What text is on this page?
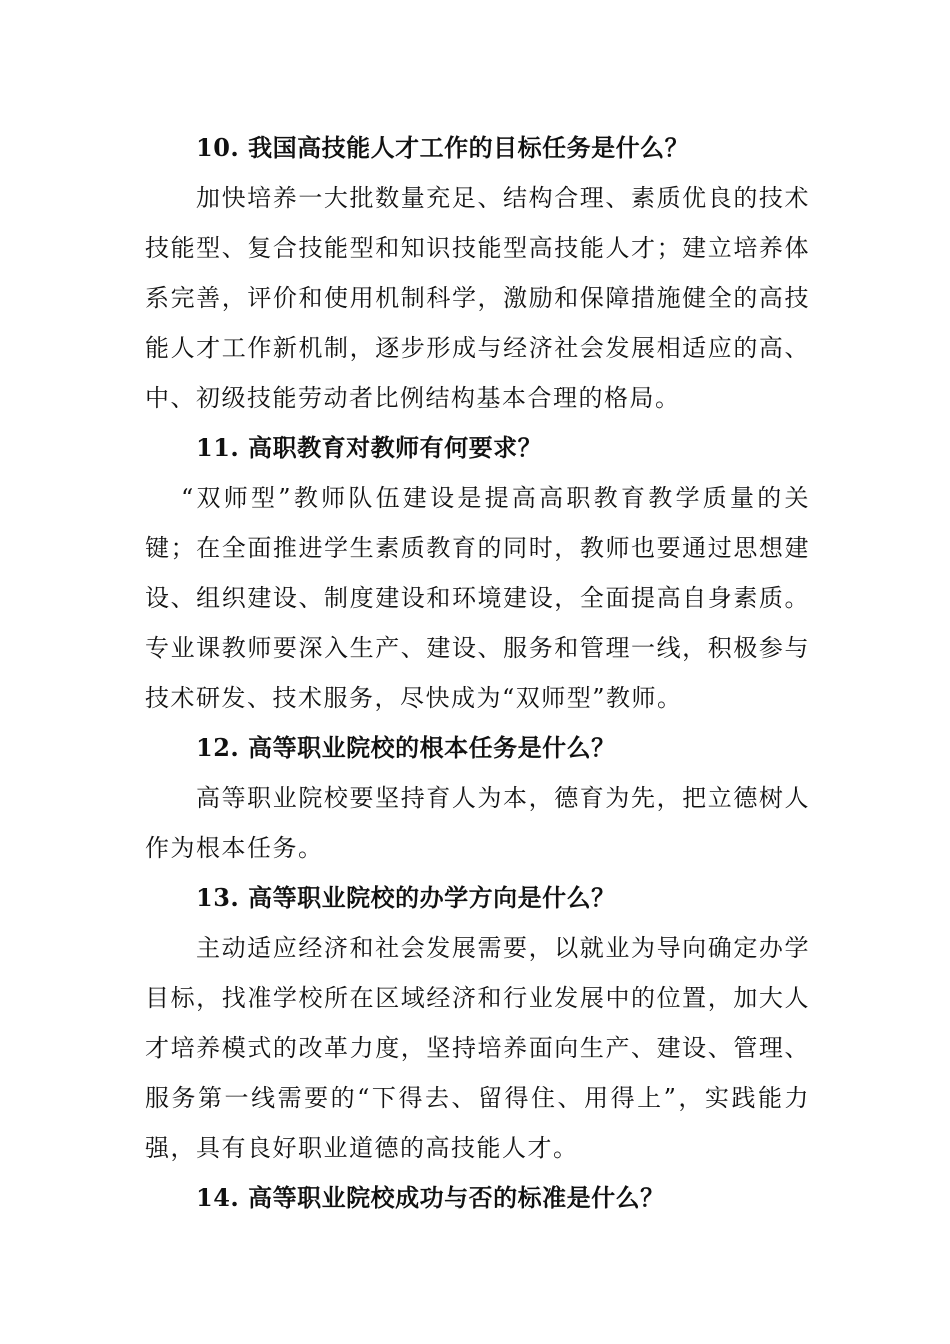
10. 我国高技能人才工作的目标任务是什么？

加快培养一大批数量充足、结构合理、素质优良的技术技能型、复合技能型和知识技能型高技能人才；建立培养体系完善，评价和使用机制科学，激励和保障措施健全的高技能人才工作新机制，逐步形成与经济社会发展相适应的高、中、初级技能劳动者比例结构基本合理的格局。

11. 高职教育对教师有何要求？

“双师型”教师队伍建设是提高高职教育教学质量的关键；在全面推进学生素质教育的同时，教师也要通过思想建设、组织建设、制度建设和环境建设，全面提高自身素质。专业课教师要深入生产、建设、服务和管理一线，积极参与技术研发、技术服务，尽快成为“双师型”教师。

12. 高等职业院校的根本任务是什么？

高等职业院校要坚持育人为本，德育为先，把立德树人作为根本任务。

13. 高等职业院校的办学方向是什么？

主动适应经济和社会发展需要，以就业为导向确定办学目标，找准学校所在区域经济和行业发展中的位置，加大人才培养模式的改革力度，坚持培养面向生产、建设、管理、服务第一线需要的“下得去、留得住、用得上”，实践能力强，具有良好职业道德的高技能人才。

14. 高等职业院校成功与否的标准是什么？
